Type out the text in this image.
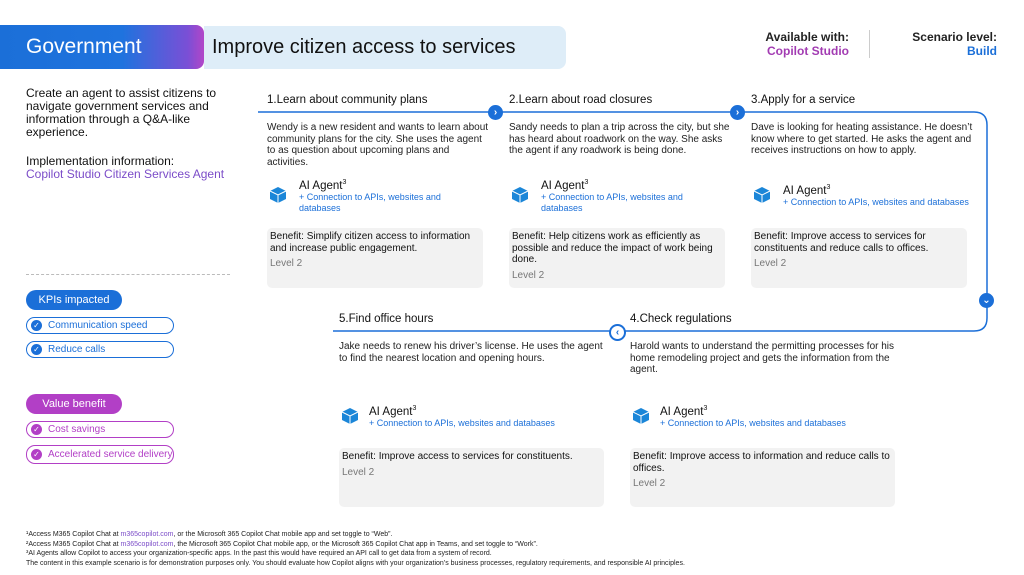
Government	Improve citizen access to services	Available with:
Copilot Studio
Scenario level:
Build
Create an agent to assist citizens to navigate government services and information through a Q&A-like experience.
Implementation information:
Copilot Studio Citizen Services Agent
KPIs impacted
✓ Communication speed
✓ Reduce calls
Value benefit
✓ Cost savings
✓ Accelerated service delivery
›	›
⌄
‹
1.Learn about community plans
Wendy is a new resident and wants to learn about community plans for the city. She uses the agent to as question about upcoming plans and activities.
AI Agent$^3$
+ Connection to APIs, websites and databases
Benefit: Simplify citizen access to information and increase public engagement.
Level 2
2.Learn about road closures
Sandy needs to plan a trip across the city, but she has heard about roadwork on the way. She asks the agent if any roadwork is being done.
AI Agent$^3$
+ Connection to APIs, websites and databases
Benefit: Help citizens work as efficiently as possible and reduce the impact of work being done.
Level 2
3.Apply for a service
Dave is looking for heating assistance. He doesn’t know where to get started. He asks the agent and receives instructions on how to apply.
AI Agent$^3$
+ Connection to APIs, websites and databases
Benefit: Improve access to services for constituents and reduce calls to offices.
Level 2
5.Find office hours
Jake needs to renew his driver’s license. He uses the agent to find the nearest location and opening hours.
AI Agent$^3$
+ Connection to APIs, websites and databases
Benefit: Improve access to services for constituents.
Level 2
4.Check regulations
Harold wants to understand the permitting processes for his home remodeling project and gets the information from the agent.
AI Agent$^3$
+ Connection to APIs, websites and databases
Benefit: Improve access to information and reduce calls to offices.
Level 2
¹Access M365 Copilot Chat at m365copilot.com, or the Microsoft 365 Copilot Chat mobile app and set toggle to “Web”.
²Access M365 Copilot Chat at m365copilot.com, the Microsoft 365 Copilot Chat mobile app, or the Microsoft 365 Copilot Chat app in Teams, and set toggle to “Work”.
³AI Agents allow Copilot to access your organization-specific apps. In the past this would have required an API call to get data from a system of record.
The content in this example scenario is for demonstration purposes only. You should evaluate how Copilot aligns with your organization’s business processes, regulatory requirements, and responsible AI principles.
